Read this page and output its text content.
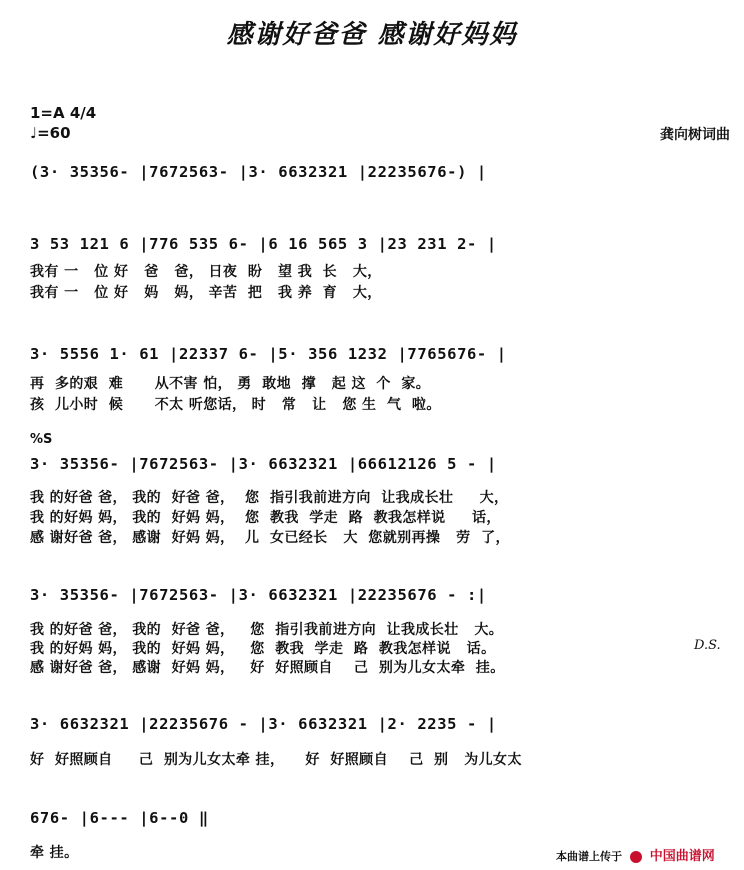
感谢好爸爸 感谢好妈妈
1=A 4/4
♩=60	龚向树词曲
(3· 35356- |7672563- |3· 6632321 |22235676-) |
3 53 121 6 |776 535 6- |6 16 565 3 |23 231 2- |
我有 一   位 好   爸   爸， 日夜  盼   望 我  长   大，
我有 一   位 好   妈   妈， 辛苦  把   我 养  育   大，
3· 5556 1· 61 |22337 6- |5· 356 1232 |7765676- |
再  多的艰  难      从不害 怕， 勇  敢地  撑   起 这  个  家。
孩  儿小时  候      不太 听您话， 时   常   让   您 生  气  啦。
%S
3· 35356- |7672563- |3· 6632321 |66612126 5 - |
我 的好爸 爸， 我的  好爸 爸，  您  指引我前进方向  让我成长壮     大，
我 的好妈 妈， 我的  好妈 妈，  您  教我  学走  路  教我怎样说     话，
感 谢好爸 爸， 感谢  好妈 妈，  儿  女已经长   大  您就别再操   劳  了，
3· 35356- |7672563- |3· 6632321 |22235676 - :|
我 的好爸 爸， 我的  好爸 爸，   您  指引我前进方向  让我成长壮   大。
我 的好妈 妈， 我的  好妈 妈，   您  教我  学走  路  教我怎样说   话。
感 谢好爸 爸， 感谢  好妈 妈，   好  好照顾自    己  别为儿女太牵  挂。
D.S.
3· 6632321 |22235676 - |3· 6632321 |2· 2235 - |
好  好照顾自     己  别为儿女太牵 挂，    好  好照顾自    己  别   为儿女太
676- |6--- |6--0 ‖
牵 挂。	本曲谱上传于 中国曲谱网
